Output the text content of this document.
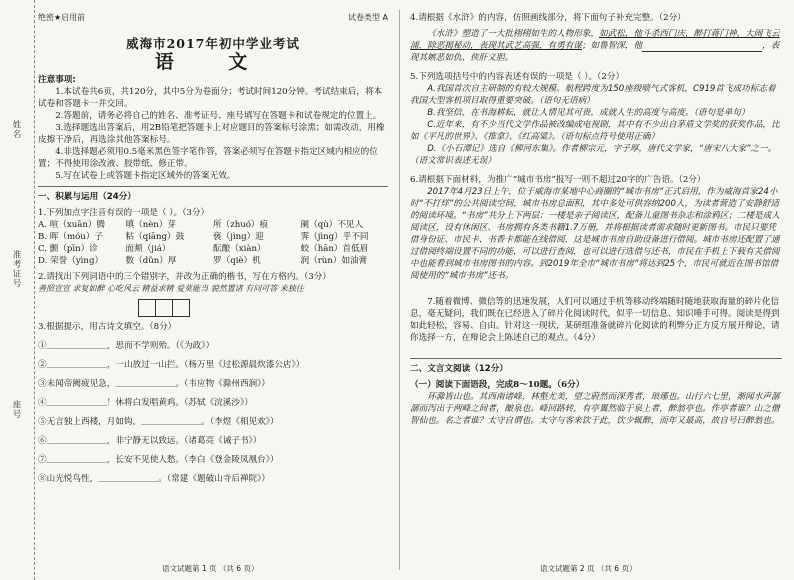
姓名
准考证号
座号
绝密★启用前	试卷类型 A
威海市2017年初中学业考试
语 文

注意事项:

1.本试卷共6页，共120分，其中5分为卷面分；考试时间120分钟。考试结束后，将本试卷和答题卡一并交回。

2.答题前，请务必将自己的姓名、准考证号、座号填写在答题卡和试卷规定的位置上。

3.选择题选出答案后，用2B铅笔把答题卡上对应题目的答案标号涂黑；如需改动，用橡皮擦干净后，再选涂其他答案标号。

4.非选择题必须用0.5毫米黑色签字笔作答，答案必须写在答题卡指定区域内相应的位置；不得使用涂改液、胶带纸、修正带。

5.写在试卷上或答题卡指定区域外的答案无效。

一、积累与运用（24分）

1.下列加点字注音有误的一项是（ ）。（3分）

A. 喧（xuān）腾	嗔（nèn）芽	所（zhuó）痕	阑（qù）不见人
B. 晖（móu）子	粘（qiāng）鼓	亵（jìng）迎	霁（jìng）乎不同
C. 颤（pīn）诊	面颊（jiá）	酝酿（xiàn）	蛟（hān）首低眉
D. 荣誉（yìng）	数（dǔn）厚	罗（qiè）机	润（rùn）如油膏

2.请找出下列词语中的三个错别字，并改为正确的楷书，写在方格内。（3分）

善照宣宣 求复如醉 心吃风云 精益求精 爱莫能当 貌然置诸 有问可答 来独往

3.根据提示，用古诗文填空。（8分）

①＿＿＿＿＿＿＿，思而不学则殆。（《为政》）

②＿＿＿＿＿＿＿，一山放过一山拦。（杨万里《过松源晨炊漆公店》）

③未闻帝阙疲见急，＿＿＿＿＿＿＿。（韦应物《滁州西涧》）

④＿＿＿＿＿＿＿！休将白发唱黄鸡。（苏轼《浣溪沙》）

⑤无言独上西楼，月如钩，＿＿＿＿＿＿＿。（李煜《相见欢》）

⑥＿＿＿＿＿＿＿，非宁静无以致远。（诸葛亮《诫子书》）

⑦＿＿＿＿＿＿＿，长安不见使人愁。（李白《登金陵凤凰台》）

⑧山光悦鸟性，＿＿＿＿＿＿＿。（常建《题破山寺后禅院》）

4.请根据《水浒》的内容，仿照画线部分，将下面句子补充完整。（2分）

《水浒》塑造了一大批栩栩如生的人物形象，如武松，他斗杀西门庆，醉打蒋门神，大闹飞云浦，除恶揭秘动，表现其武艺高强，有勇有谋；如鲁智深，他	，表现其嫉恶如仇、侠肝义胆。

5.下列选项括号中的内容表述有误的一项是（ ）。（2分）

A.我国首次自主研制的有较大规模、航程跨度为150座级喷气式客机，C919首飞成功标志着我国大型客机项目取得重要突破。（语句无语病）

B.我坚信，在书海耕耘，就让人情见其可贵，成就人生的高度与高度。（语句是单句）

C.近年来，有不少当代文学作品被改编成电视剧，其中有不少出自茅盾文学奖的获奖作品，比如《平凡的世界》、《推拿》、《红高粱》。（语句标点符号使用正确）

D.《小石潭记》选自《柳河东集》。作者柳宗元，字子厚，唐代文学家，“唐宋八大家”之一。（语文常识表述无误）

6.请根据下面材料，为推广“城市书房”报写一则不超过20字的广告语。（2分）

2017年4月23日上午，位于威海市某地中心商圈的“城市书房”正式启用，作为威海首家24小时“不打烊”的公共阅读空间，城市书房总面积，其中多处可供容纳200人，为读者营造了安静舒适的阅读环境。“书房”共分上下两层：一楼是亲子阅读区，配备儿童图书杂志和涂鸦区；二楼是成人阅读区，设有休闲区、书房拥有各类书籍1.7万册，并将根据读者需求随时更新图书。市民只要凭借身份证、市民卡、书香卡都能在线借阅，这是城市书房自助设备进行借阅。城市书房还配置了通过借阅终端设置不同的功能，可以进行查阅，也可以进行选借与还书，市民在手机上下载有关借阅中也能看到城市书房图书的内容。到2019年全市“城市书房”将达到25个，市民可就近在图书馆借阅使用的“城市书房”还书。

7.随着微博、微信等的迅速发展，人们可以通过手机等移动终端随时随地获取海量的碎片化信息，毫无疑问，我们既在已经进入了碎片化阅读时代，似乎一切信息、知识唾手可得。阅读是得到如此轻松，容易、自由。针对这一现状，某研组准备就碎片化阅读的利弊分正方反方展开辩论，请你选择一方，在辩论会上陈述自己的观点。（4分）

二、文言文阅读（12分）

（一）阅读下面语段，完成8～10题。（6分）

环滁皆山也。其西南诸峰，林壑尤美，望之蔚然而深秀者，琅琊也。山行六七里，渐闻水声潺潺而泻出于两峰之间者，酿泉也。峰回路转，有亭翼然临于泉上者，醉翁亭也。作亭者谁？山之僧智仙也。名之者谁？太守自谓也。太守与客来饮于此，饮少辄醉，而年又最高，故自号曰醉翁也。

语文试题第 1 页 （共 6 页）	语文试题第 2 页 （共 6 页）
